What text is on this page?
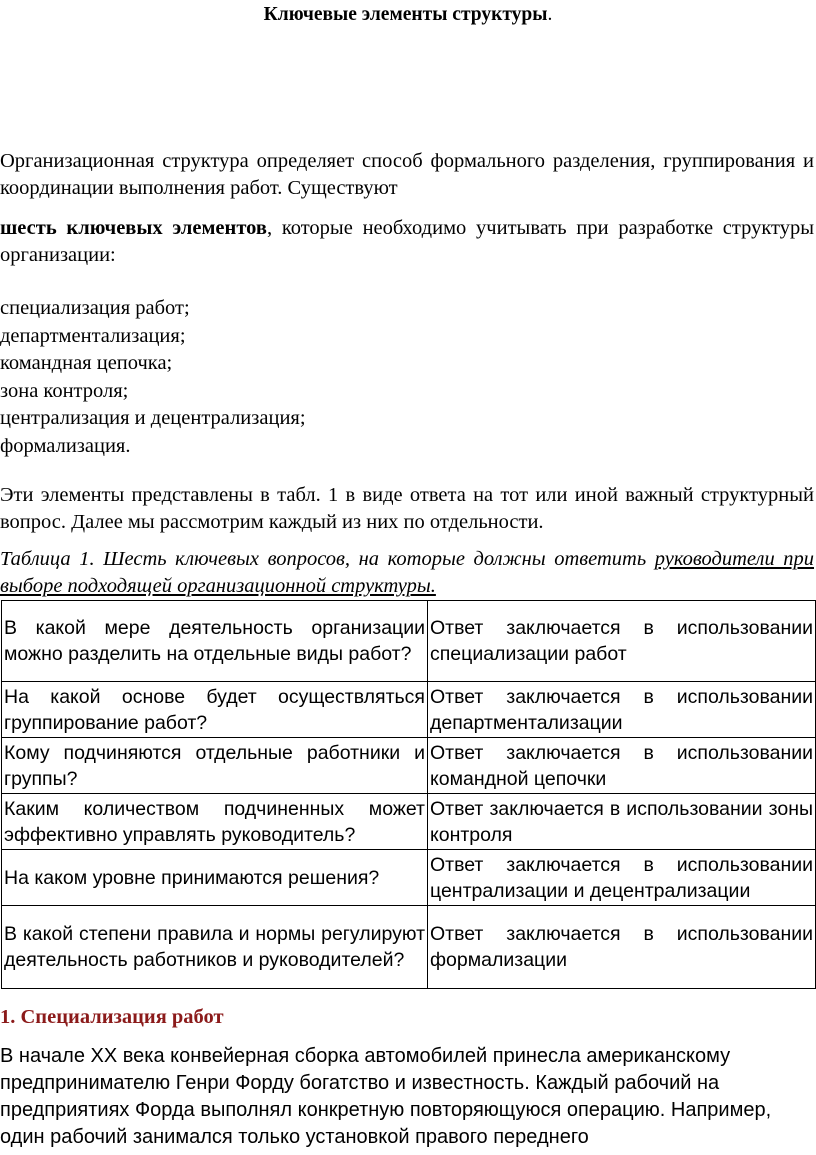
Ключевые элементы структуры.
Организационная структура определяет способ формального разделения, группирования и координации выполнения работ. Существуют
шесть ключевых элементов, которые необходимо учитывать при разработке структуры организации:
специализация работ;
департментализация;
командная цепочка;
зона контроля;
централизация и децентрализация;
формализация.
Эти элементы представлены в табл. 1 в виде ответа на тот или иной важный структурный вопрос. Далее мы рассмотрим каждый из них по отдельности.
Таблица 1. Шесть ключевых вопросов, на которые должны ответить руководители при выборе подходящей организационной структуры.
В какой мере деятельность организации можно разделить на отдельные виды работ?	Ответ заключается в использовании специализации работ
На какой основе будет осуществляться группирование работ?	Ответ заключается в использовании департментализации
Кому подчиняются отдельные работники и группы?	Ответ заключается в использовании командной цепочки
Каким количеством подчиненных может эффективно управлять руководитель?	Ответ заключается в использовании зоны контроля
На каком уровне принимаются решения?	Ответ заключается в использовании централизации и децентрализации
В какой степени правила и нормы регулируют деятельность работников и руководителей?	Ответ заключается в использовании формализации
1. Специализация работ
В начале XX века конвейерная сборка автомобилей принесла американскому предпринимателю Генри Форду богатство и известность. Каждый рабочий на предприятиях Форда выполнял конкретную повторяющуюся операцию. Например, один рабочий занимался только установкой правого переднего
